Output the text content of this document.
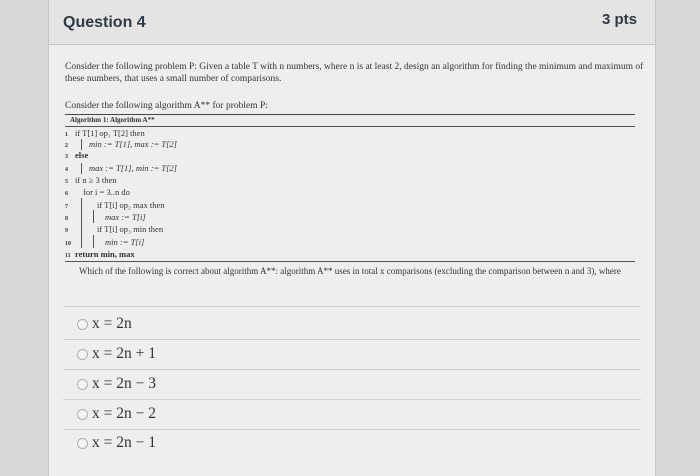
Question 4	3 pts
Consider the following problem P: Given a table T with n numbers, where n is at least 2, design an algorithm for finding the minimum and maximum of these numbers, that uses a small number of comparisons.
Consider the following algorithm A** for problem P:
Algorithm 1: Algorithm A**
1 if T[1] op₁ T[2] then
2 min := T[1], max := T[2]
3 else
4 max := T[1], min := T[2]
5 if n ≥ 3 then
6 for i = 3..n do
7	if T[i] op₂ max then
8	max := T[i]
9	if T[i] op₃ min then
10	min := T[i]
11 return min, max
Which of the following is correct about algorithm A**: algorithm A** uses in total x comparisons (excluding the comparison between n and 3), where
x = 2n
x = 2n + 1
x = 2n − 3
x = 2n − 2
x = 2n − 1
